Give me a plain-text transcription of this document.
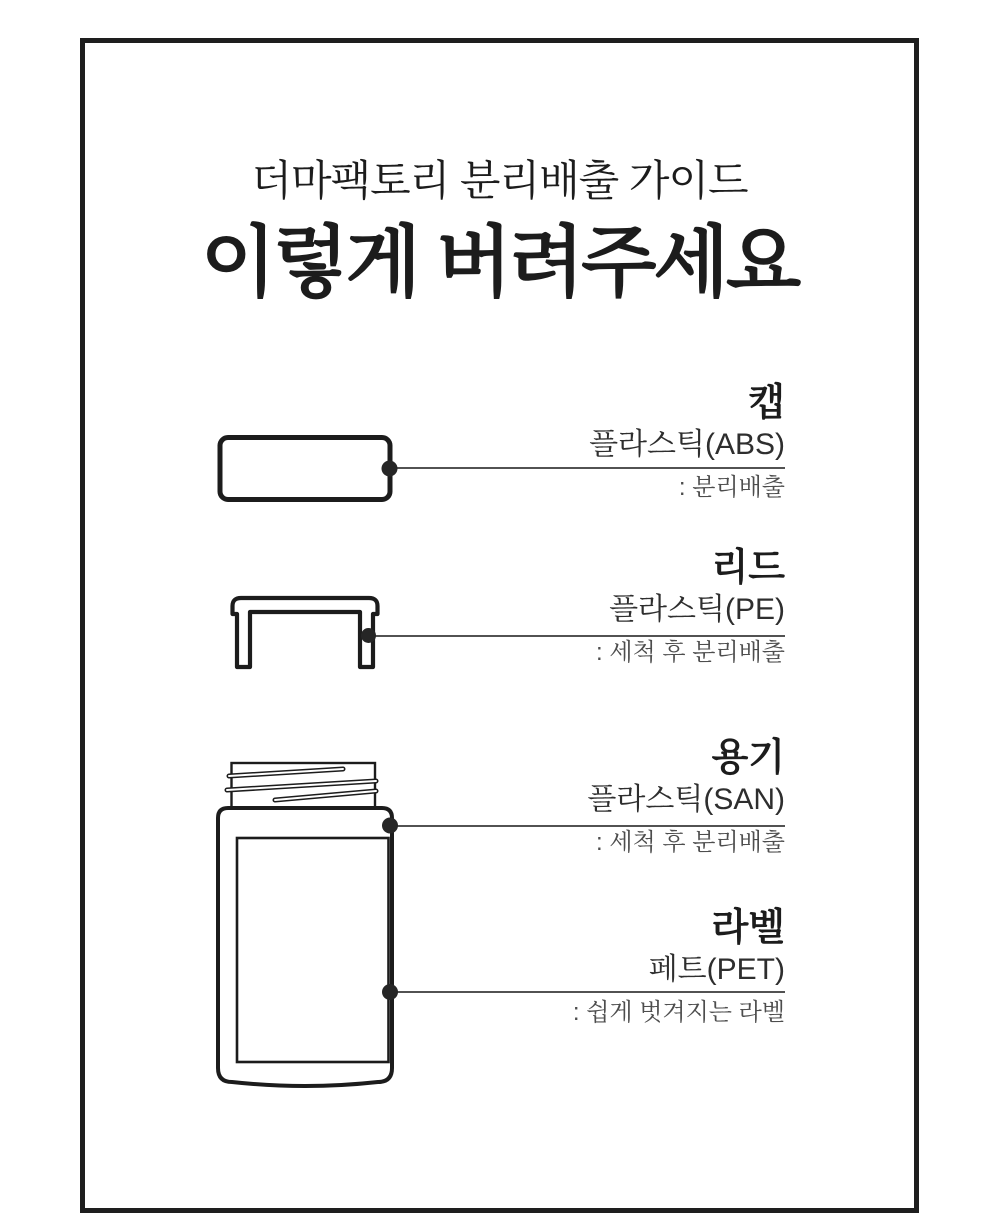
더마팩토리 분리배출 가이드
이렇게 버려주세요
캡
플라스틱(ABS)
: 분리배출
리드
플라스틱(PE)
: 세척 후 분리배출
용기
플라스틱(SAN)
: 세척 후 분리배출
라벨
페트(PET)
: 쉽게 벗겨지는 라벨
